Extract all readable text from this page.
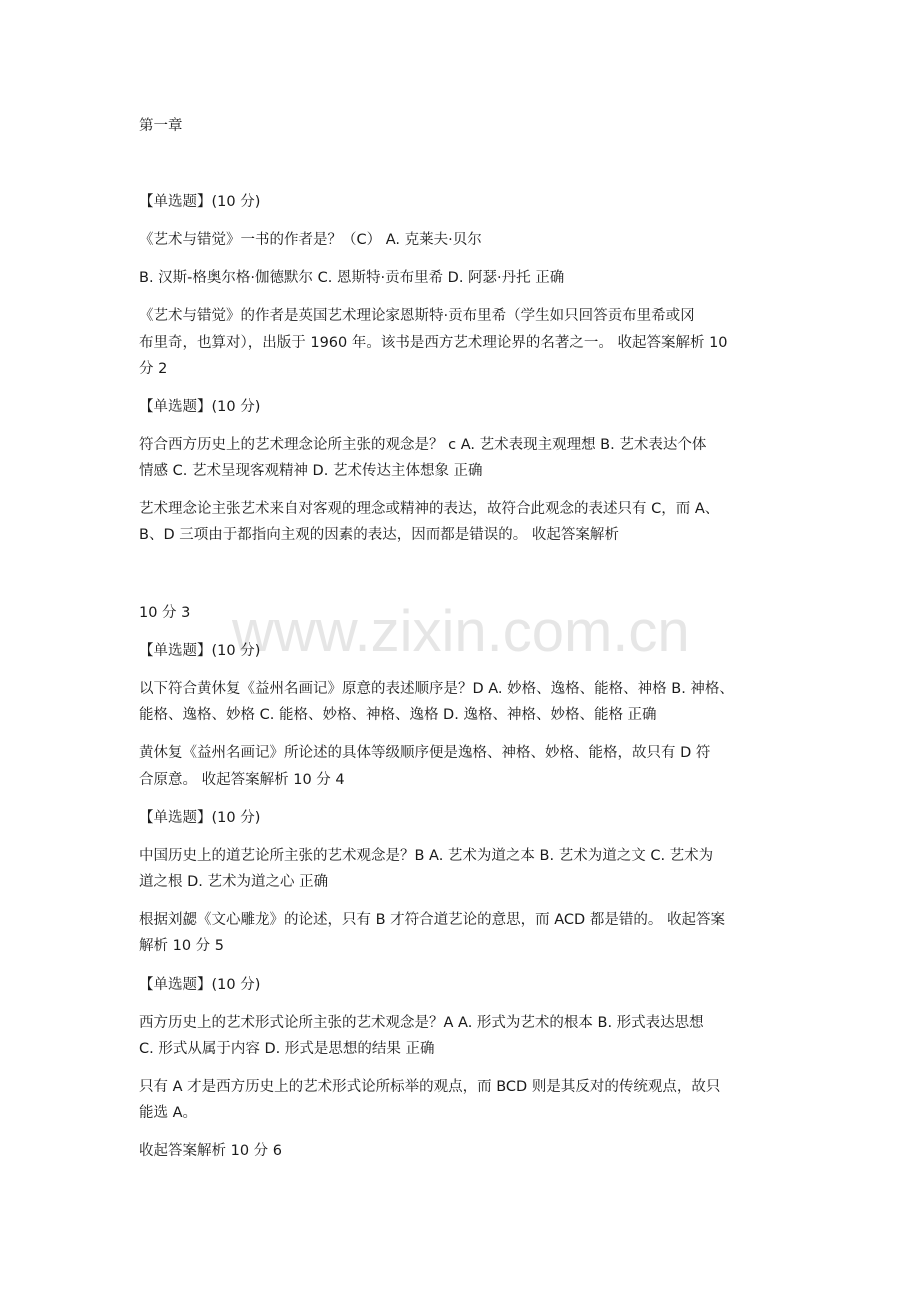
www.zixin.com.cn
第一章
【单选题】(10 分)
《艺术与错觉》一书的作者是？（C） A. 克莱夫·贝尔
B. 汉斯-格奥尔格·伽德默尔 C. 恩斯特·贡布里希 D. 阿瑟·丹托 正确
《艺术与错觉》的作者是英国艺术理论家恩斯特·贡布里希（学生如只回答贡布里希或冈
布里奇，也算对），出版于 1960 年。该书是西方艺术理论界的名著之一。 收起答案解析 10
分 2
【单选题】(10 分)
符合西方历史上的艺术理念论所主张的观念是？ c A. 艺术表现主观理想 B. 艺术表达个体
情感 C. 艺术呈现客观精神 D. 艺术传达主体想象 正确
艺术理念论主张艺术来自对客观的理念或精神的表达，故符合此观念的表述只有 C，而 A、
B、D 三项由于都指向主观的因素的表达，因而都是错误的。 收起答案解析
10 分 3
【单选题】(10 分)
以下符合黄休复《益州名画记》原意的表述顺序是？D A. 妙格、逸格、能格、神格 B. 神格、
能格、逸格、妙格 C. 能格、妙格、神格、逸格 D. 逸格、神格、妙格、能格 正确
黄休复《益州名画记》所论述的具体等级顺序便是逸格、神格、妙格、能格，故只有 D 符
合原意。 收起答案解析 10 分 4
【单选题】(10 分)
中国历史上的道艺论所主张的艺术观念是？B A. 艺术为道之本 B. 艺术为道之文 C. 艺术为
道之根 D. 艺术为道之心 正确
根据刘勰《文心雕龙》的论述，只有 B 才符合道艺论的意思，而 ACD 都是错的。 收起答案
解析 10 分 5
【单选题】(10 分)
西方历史上的艺术形式论所主张的艺术观念是？A A. 形式为艺术的根本 B. 形式表达思想
C. 形式从属于内容 D. 形式是思想的结果 正确
只有 A 才是西方历史上的艺术形式论所标举的观点，而 BCD 则是其反对的传统观点，故只
能选 A。
收起答案解析 10 分 6
